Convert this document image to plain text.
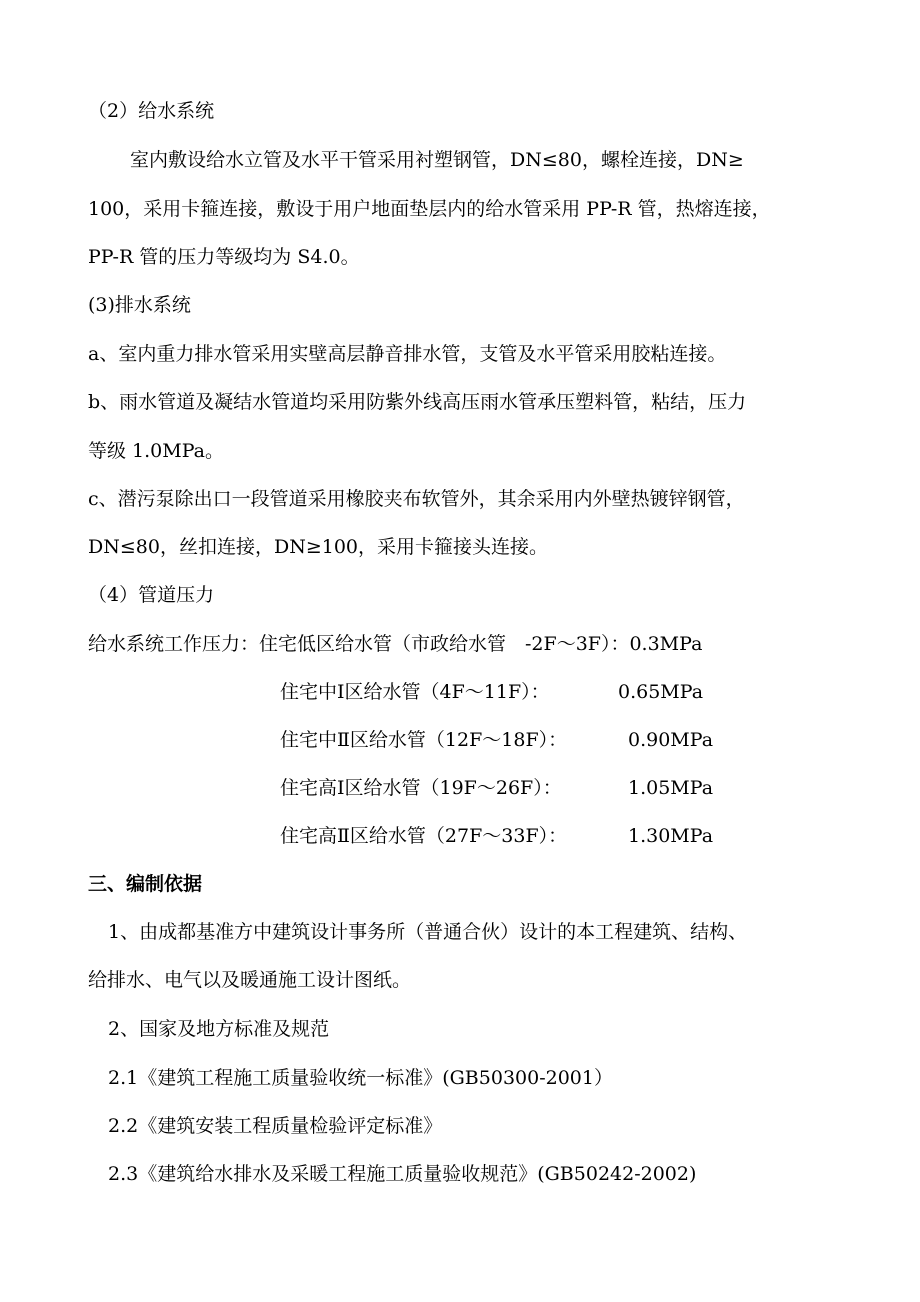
（2）给水系统
室内敷设给水立管及水平干管采用衬塑钢管，DN≤80，螺栓连接，DN≥
100，采用卡箍连接，敷设于用户地面垫层内的给水管采用 PP-R 管，热熔连接，
PP-R 管的压力等级均为 S4.0。
(3)排水系统
a、室内重力排水管采用实壁高层静音排水管，支管及水平管采用胶粘连接。
b、雨水管道及凝结水管道均采用防紫外线高压雨水管承压塑料管，粘结，压力
等级 1.0MPa。
c、潜污泵除出口一段管道采用橡胶夹布软管外，其余采用内外壁热镀锌钢管，
DN≤80，丝扣连接，DN≥100，采用卡箍接头连接。
（4）管道压力
给水系统工作压力：住宅低区给水管（市政给水管　-2F～3F）：0.3MPa
住宅中Ⅰ区给水管（4F～11F）：	0.65MPa
住宅中Ⅱ区给水管（12F～18F）：	0.90MPa
住宅高Ⅰ区给水管（19F～26F）：	1.05MPa
住宅高Ⅱ区给水管（27F～33F）：	1.30MPa
三、编制依据
1、由成都基准方中建筑设计事务所（普通合伙）设计的本工程建筑、结构、
给排水、电气以及暖通施工设计图纸。
2、国家及地方标准及规范
2.1《建筑工程施工质量验收统一标准》(GB50300-2001）
2.2《建筑安装工程质量检验评定标准》
2.3《建筑给水排水及采暖工程施工质量验收规范》(GB50242-2002)
